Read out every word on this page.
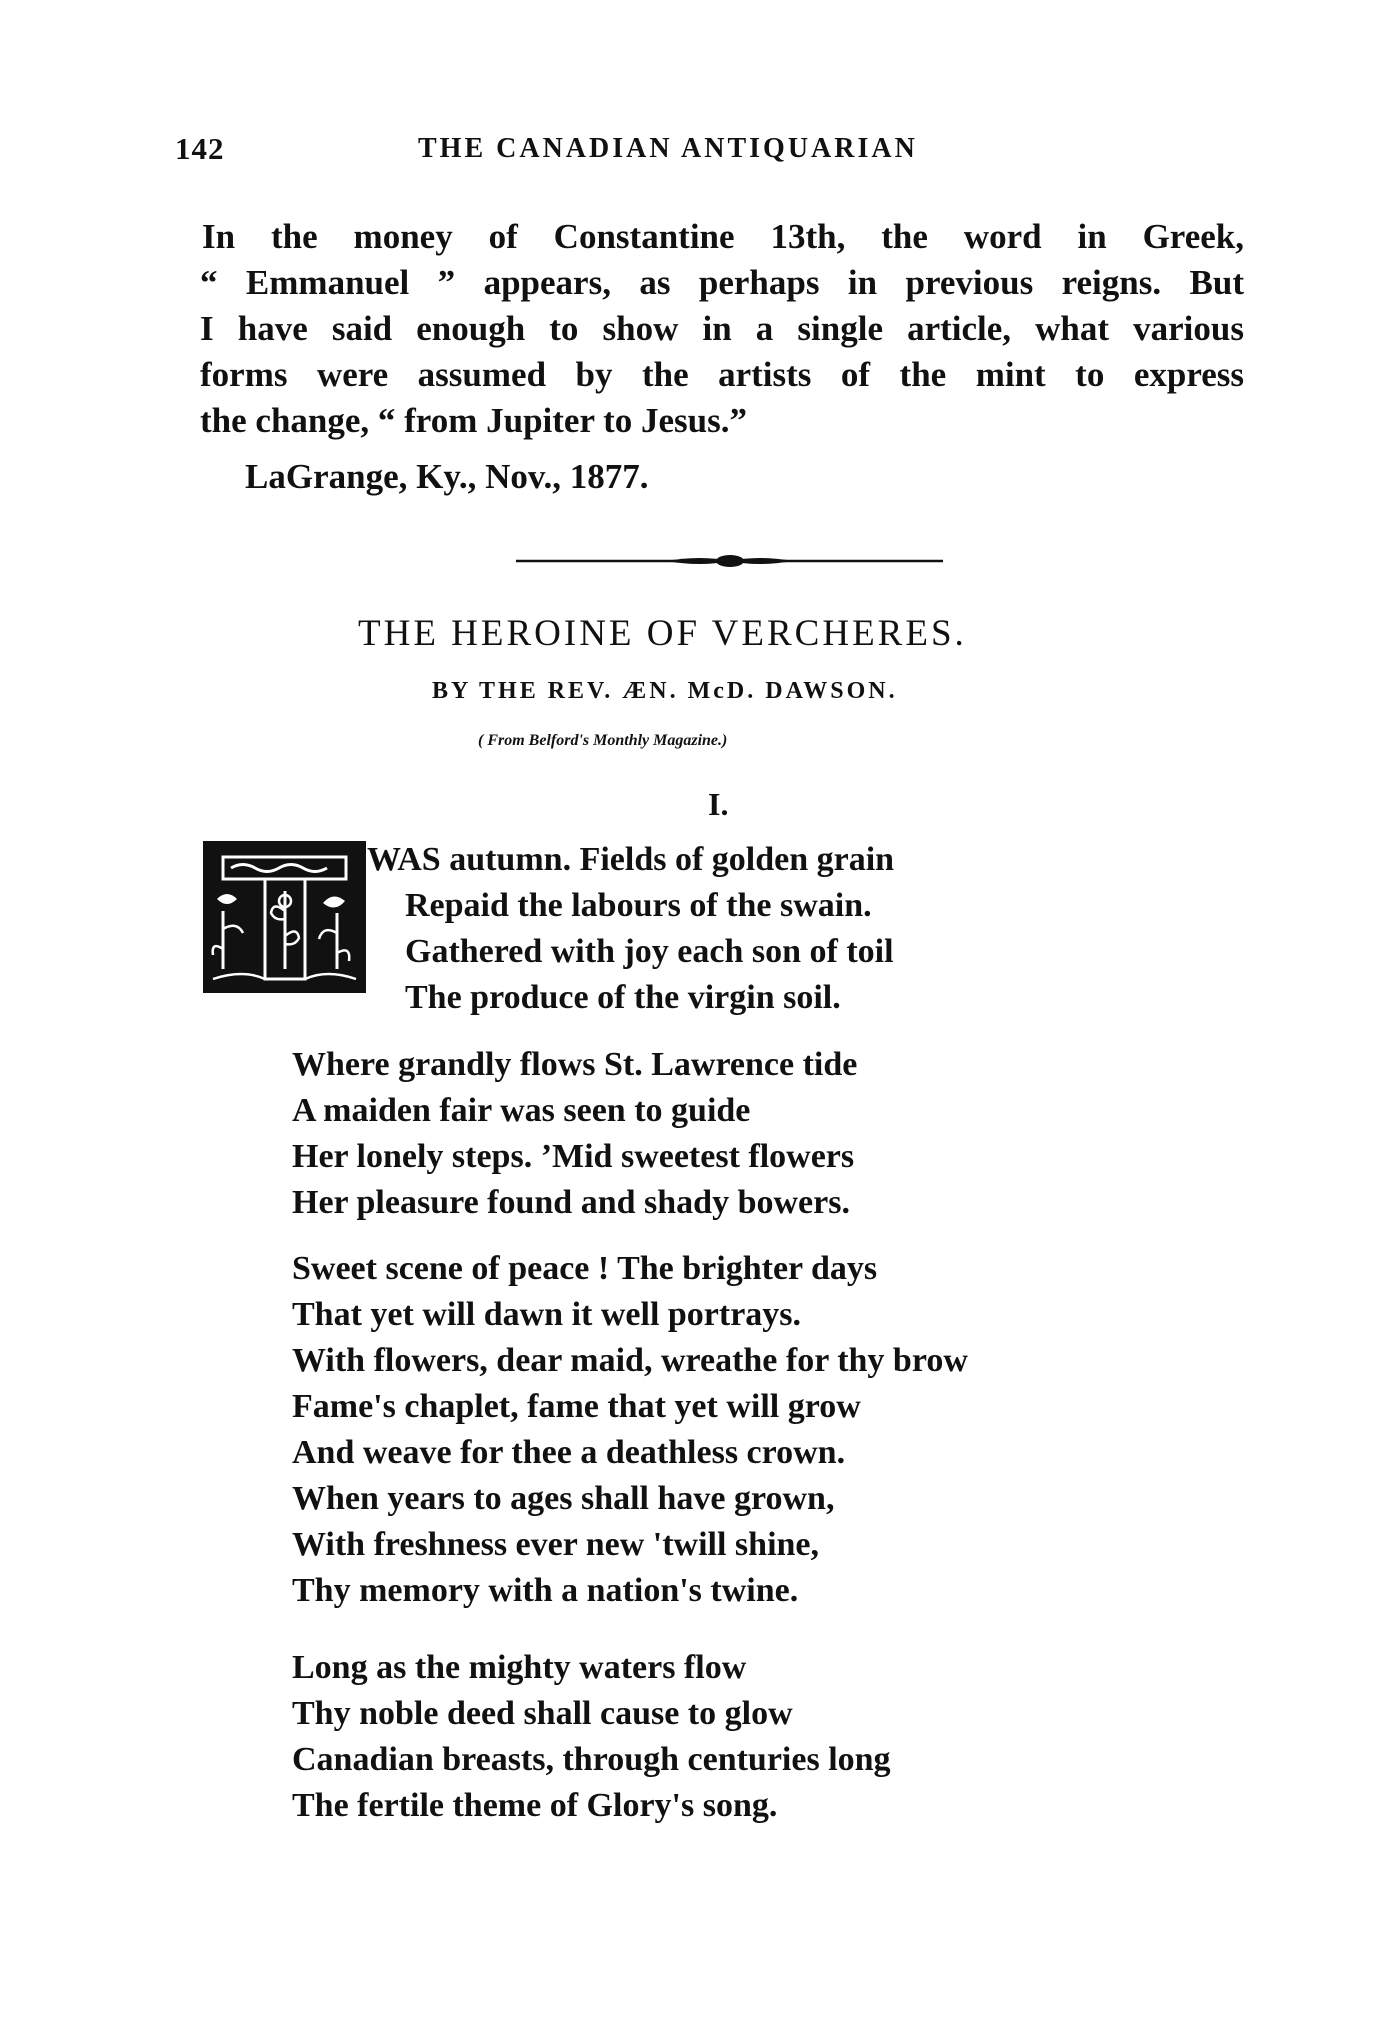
142	THE CANADIAN ANTIQUARIAN
In the money of Constantine 13th, the word in Greek,
“ Emmanuel ” appears, as perhaps in previous reigns. But
I have said enough to show in a single article, what various
forms were assumed by the artists of the mint to express
the change, “ from Jupiter to Jesus.”
LaGrange, Ky., Nov., 1877.
THE HEROINE OF VERCHERES.
BY THE REV. ÆN. McD. DAWSON.
( From Belford's Monthly Magazine.)
I.
WAS autumn. Fields of golden grain
Repaid the labours of the swain.
Gathered with joy each son of toil
The produce of the virgin soil.
Where grandly flows St. Lawrence tide
A maiden fair was seen to guide
Her lonely steps. ’Mid sweetest flowers
Her pleasure found and shady bowers.
Sweet scene of peace ! The brighter days
That yet will dawn it well portrays.
With flowers, dear maid, wreathe for thy brow
Fame's chaplet, fame that yet will grow
And weave for thee a deathless crown.
When years to ages shall have grown,
With freshness ever new 'twill shine,
Thy memory with a nation's twine.
Long as the mighty waters flow
Thy noble deed shall cause to glow
Canadian breasts, through centuries long
The fertile theme of Glory's song.
